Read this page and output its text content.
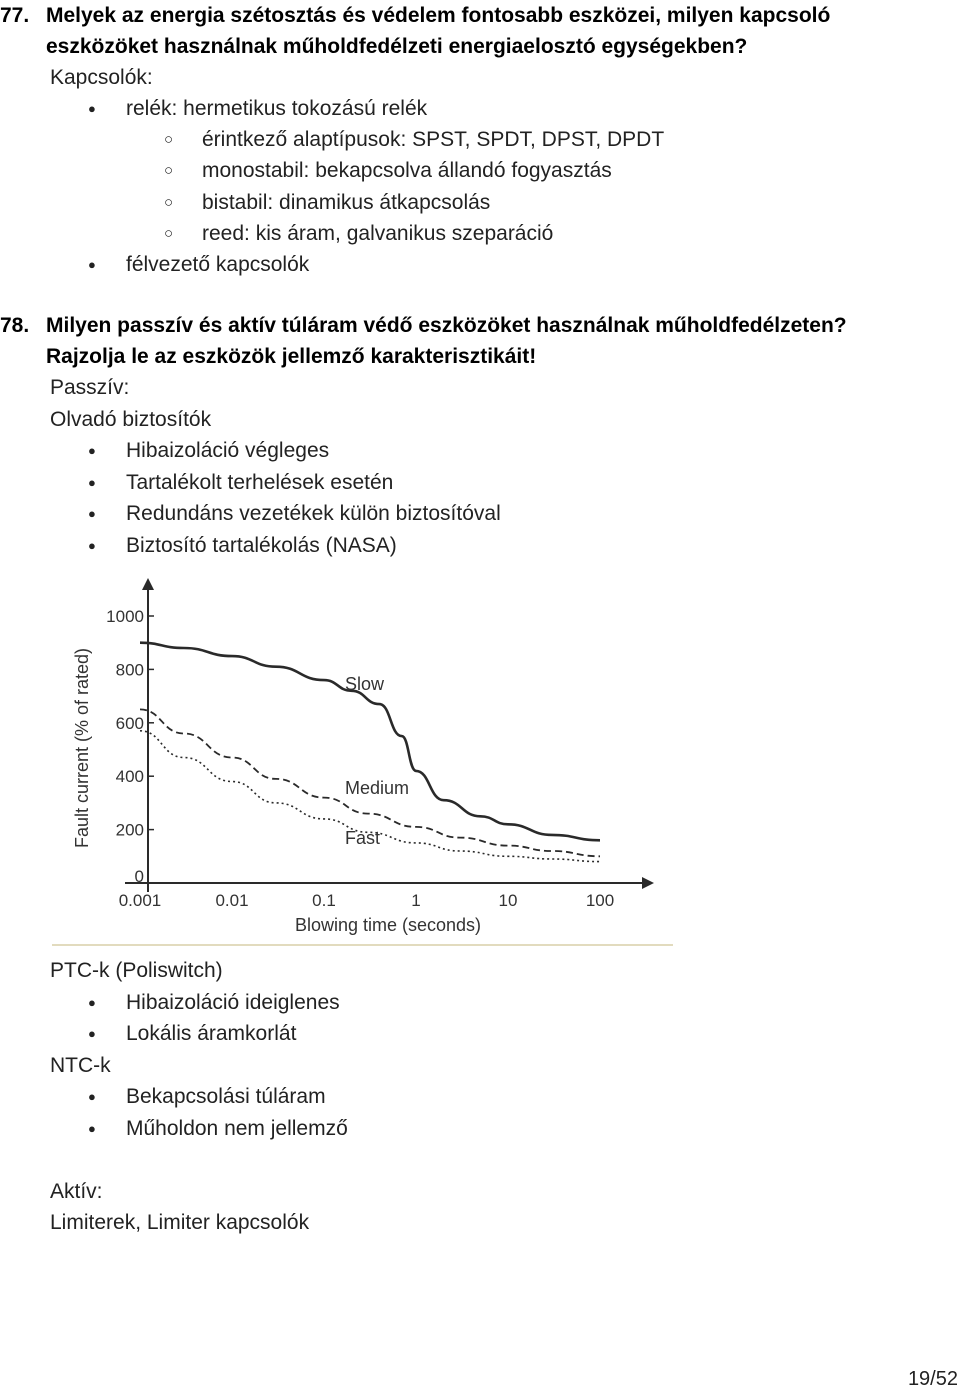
77. Melyek az energia szétosztás és védelem fontosabb eszközei, milyen kapcsoló
eszközöket használnak műholdfedélzeti energiaelosztó egységekben?
Kapcsolók:
● relék: hermetikus tokozású relék
○ érintkező alaptípusok: SPST, SPDT, DPST, DPDT
○ monostabil: bekapcsolva állandó fogyasztás
○ bistabil: dinamikus átkapcsolás
○ reed: kis áram, galvanikus szeparáció
● félvezető kapcsolók
78. Milyen passzív és aktív túláram védő eszközöket használnak műholdfedélzeten?
Rajzolja le az eszközök jellemző karakterisztikáit!
Passzív:
Olvadó biztosítók
● Hibaizoláció végleges
● Tartalékolt terhelések esetén
● Redundáns vezetékek külön biztosítóval
● Biztosító tartalékolás (NASA)
0
200
400
600
800
1000
0.001	0.01	0.1	1	10	100
Blowing time (seconds)
Fault current (% of rated)	Slow
Medium
Fast
PTC-k (Poliswitch)
● Hibaizoláció ideiglenes
● Lokális áramkorlát
NTC-k
● Bekapcsolási túláram
● Műholdon nem jellemző
Aktív:
Limiterek, Limiter kapcsolók
19/52
